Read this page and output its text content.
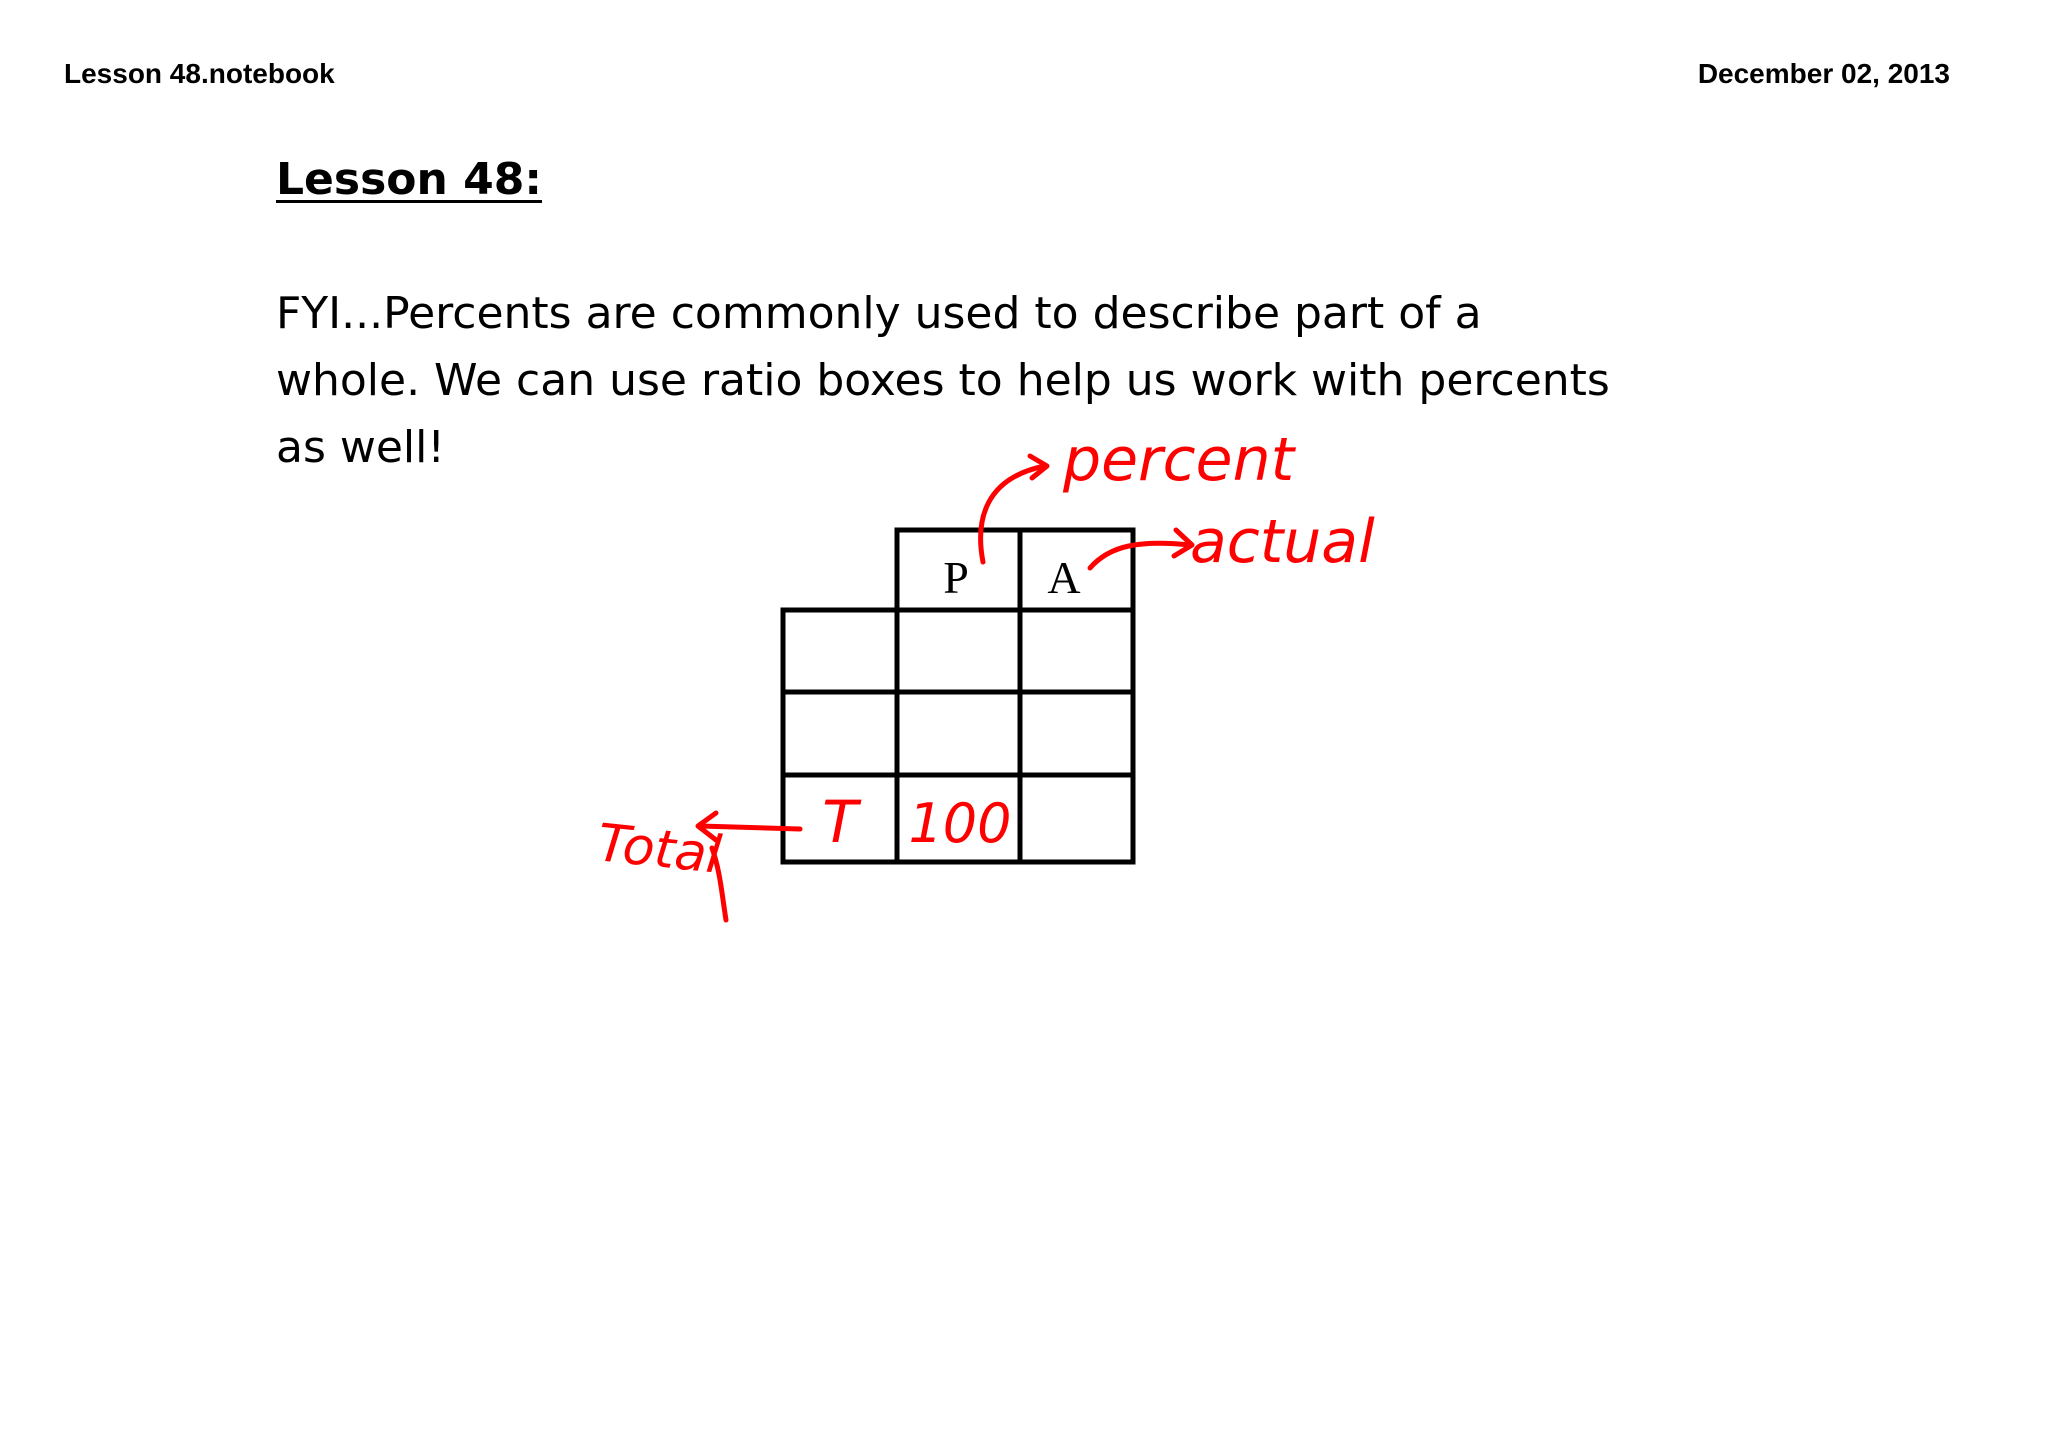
Lesson 48.notebook	December 02, 2013
Lesson 48:

FYI...Percents are commonly used to describe part of a
whole. We can use ratio boxes to help us work with percents
as well!

P A
T 100
percent
actual
Total
